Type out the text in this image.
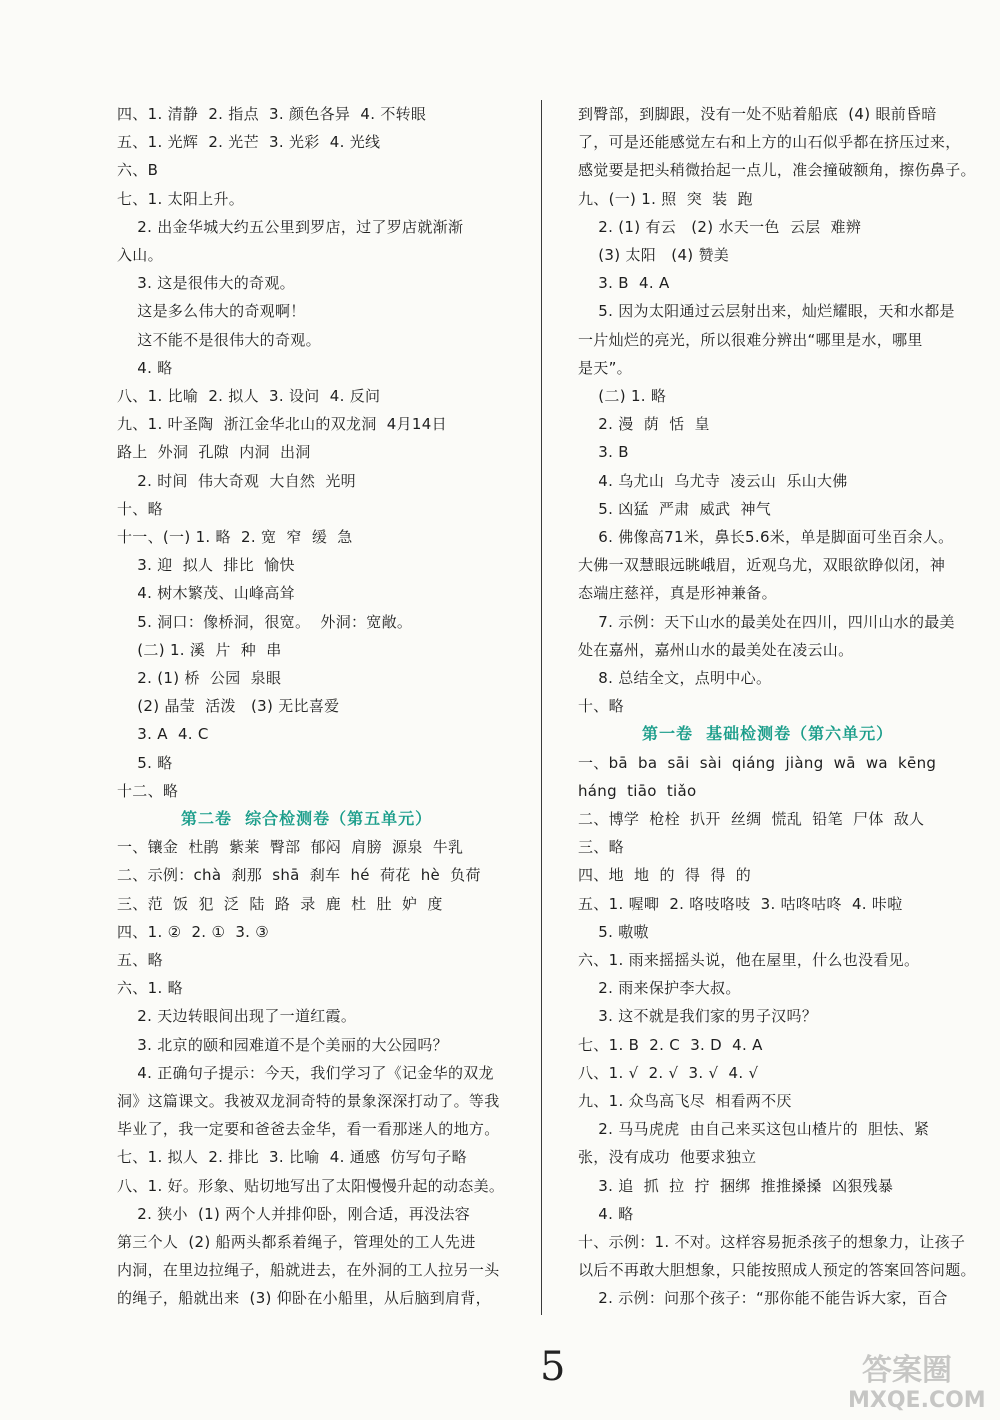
四、1. 清静  2. 指点  3. 颜色各异  4. 不转眼
五、1. 光辉  2. 光芒  3. 光彩  4. 光线
六、B
七、1. 太阳上升。
2. 出金华城大约五公里到罗店，过了罗店就渐渐
入山。
3. 这是很伟大的奇观。
这是多么伟大的奇观啊！
这不能不是很伟大的奇观。
4. 略
八、1. 比喻  2. 拟人  3. 设问  4. 反问
九、1. 叶圣陶  浙江金华北山的双龙洞  4月14日
路上  外洞  孔隙  内洞  出洞
2. 时间  伟大奇观  大自然  光明
十、略
十一、(一) 1. 略  2. 宽  窄  缓  急
3. 迎  拟人  排比  愉快
4. 树木繁茂、山峰高耸
5. 洞口：像桥洞，很宽。  外洞：宽敞。
(二) 1. 溪  片  种  串
2. (1) 桥  公园  泉眼
(2) 晶莹  活泼   (3) 无比喜爱
3. A  4. C
5. 略
十二、略
第二卷  综合检测卷（第五单元）
一、镶金  杜鹃  紫莱  臀部  郁闷  肩膀  源泉  牛乳
二、示例：chà  刹那  shā  刹车  hé  荷花  hè  负荷
三、范  饭  犯  泛  陆  路  录  鹿  杜  肚  妒  度
四、1. ②  2. ①  3. ③
五、略
六、1. 略
2. 天边转眼间出现了一道红霞。
3. 北京的颐和园难道不是个美丽的大公园吗？
4. 正确句子提示：今天，我们学习了《记金华的双龙
洞》这篇课文。我被双龙洞奇特的景象深深打动了。等我
毕业了，我一定要和爸爸去金华，看一看那迷人的地方。
七、1. 拟人  2. 排比  3. 比喻  4. 通感  仿写句子略
八、1. 好。形象、贴切地写出了太阳慢慢升起的动态美。
2. 狭小  (1) 两个人并排仰卧，刚合适，再没法容
第三个人  (2) 船两头都系着绳子，管理处的工人先进
内洞，在里边拉绳子，船就进去，在外洞的工人拉另一头
的绳子，船就出来  (3) 仰卧在小船里，从后脑到肩背，
到臀部，到脚跟，没有一处不贴着船底  (4) 眼前昏暗
了，可是还能感觉左右和上方的山石似乎都在挤压过来，
感觉要是把头稍微抬起一点儿，准会撞破额角，擦伤鼻子。
九、(一) 1. 照  突  装  跑
2. (1) 有云   (2) 水天一色  云层  难辨
(3) 太阳   (4) 赞美
3. B  4. A
5. 因为太阳通过云层射出来，灿烂耀眼，天和水都是
一片灿烂的亮光，所以很难分辨出“哪里是水，哪里
是天”。
(二) 1. 略
2. 漫  荫  恬  皇
3. B
4. 乌尤山  乌尤寺  凌云山  乐山大佛
5. 凶猛  严肃  威武  神气
6. 佛像高71米，鼻长5.6米，单是脚面可坐百余人。
大佛一双慧眼远眺峨眉，近观乌尤，双眼欲睁似闭，神
态端庄慈祥，真是形神兼备。
7. 示例：天下山水的最美处在四川，四川山水的最美
处在嘉州，嘉州山水的最美处在凌云山。
8. 总结全文，点明中心。
十、略
第一卷  基础检测卷（第六单元）
一、bā  ba  sāi  sài  qiáng  jiàng  wā  wa  kēng
háng  tiāo  tiǎo
二、博学  枪栓  扒开  丝绸  慌乱  铅笔  尸体  敌人
三、略
四、地  地  的  得  得  的
五、1. 喔唧  2. 咯吱咯吱  3. 咕咚咕咚  4. 咔啦
5. 嗷嗷
六、1. 雨来摇摇头说，他在屋里，什么也没看见。
2. 雨来保护李大叔。
3. 这不就是我们家的男子汉吗？
七、1. B  2. C  3. D  4. A
八、1. √  2. √  3. √  4. √
九、1. 众鸟高飞尽  相看两不厌
2. 马马虎虎  由自己来买这包山楂片的  胆怯、紧
张，没有成功  他要求独立
3. 追  抓  拉  拧  捆绑  推推搡搡  凶狠残暴
4. 略
十、示例：1. 不对。这样容易扼杀孩子的想象力，让孩子
以后不再敢大胆想象，只能按照成人预定的答案回答问题。
2. 示例：问那个孩子：“那你能不能告诉大家，百合
5	答案圈
MXQE.COM
